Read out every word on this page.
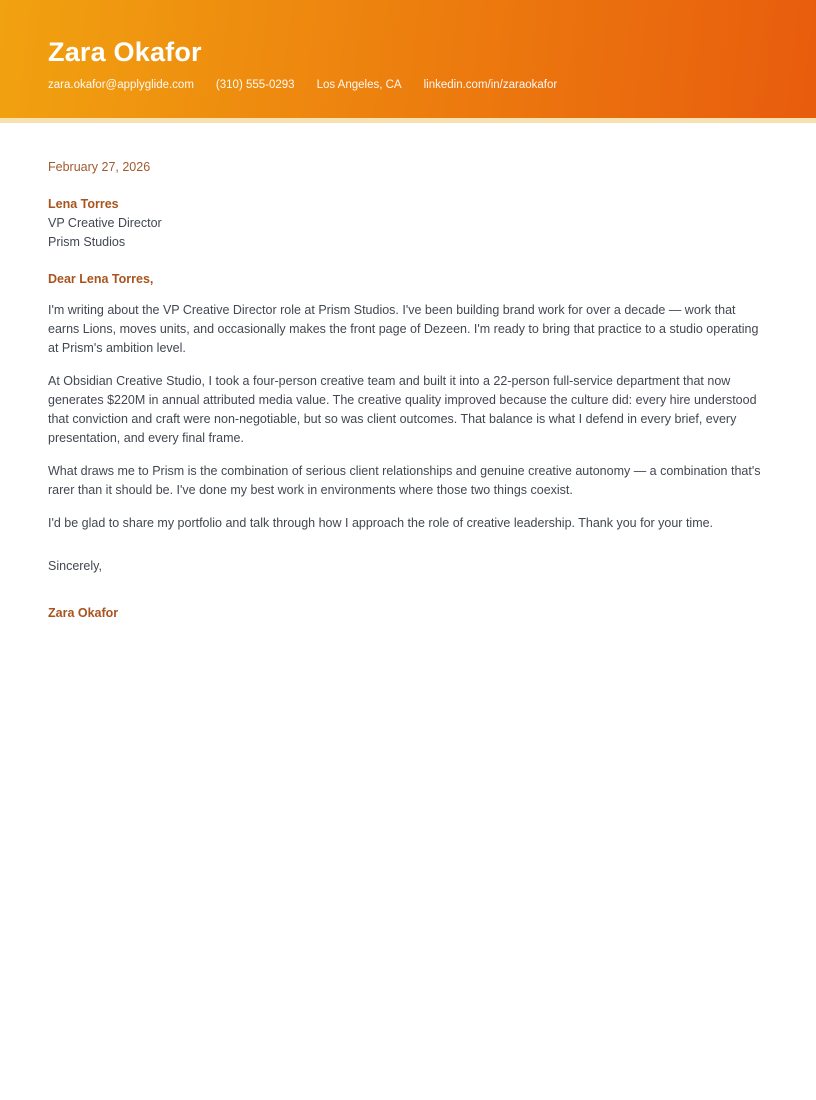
Zara Okafor
zara.okafor@applyglide.com (310) 555-0293 Los Angeles, CA linkedin.com/in/zaraokafor

February 27, 2026

Lena Torres

VP Creative Director

Prism Studios

Dear Lena Torres,

I'm writing about the VP Creative Director role at Prism Studios. I've been building brand work for over a decade — work that earns Lions, moves units, and occasionally makes the front page of Dezeen. I'm ready to bring that practice to a studio operating at Prism's ambition level.

At Obsidian Creative Studio, I took a four-person creative team and built it into a 22-person full-service department that now generates $220M in annual attributed media value. The creative quality improved because the culture did: every hire understood that conviction and craft were non-negotiable, but so was client outcomes. That balance is what I defend in every brief, every presentation, and every final frame.

What draws me to Prism is the combination of serious client relationships and genuine creative autonomy — a combination that's rarer than it should be. I've done my best work in environments where those two things coexist.

I'd be glad to share my portfolio and talk through how I approach the role of creative leadership. Thank you for your time.

Sincerely,

Zara Okafor
